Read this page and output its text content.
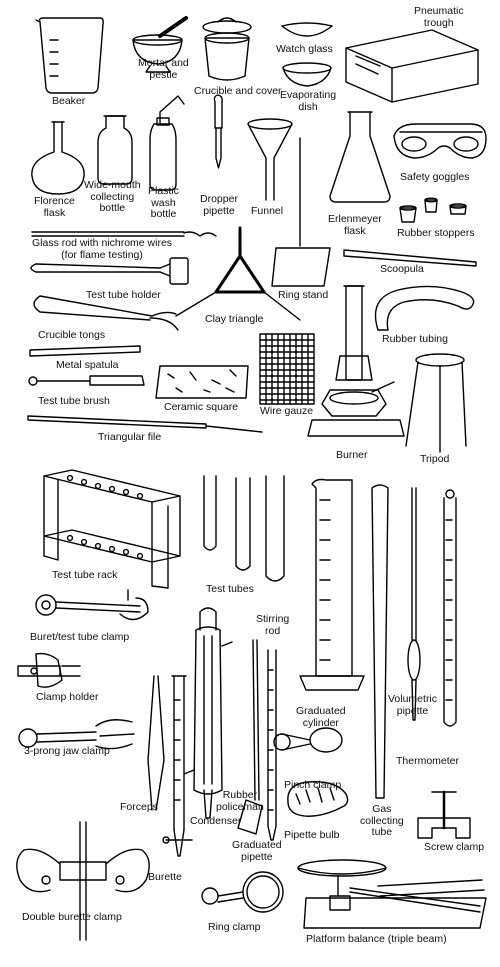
Beaker
Mortar and
pestle
Crucible and cover
Watch glass
Evaporating
dish
Pneumatic
trough
Florence
flask
Wide-mouth
collecting
bottle
Plastic
wash
bottle
Dropper
pipette	Funnel
Erlenmeyer
flask
Safety goggles
Rubber stoppers
Glass rod with nichrome wires
(for flame testing)
Test tube holder
Clay triangle
Ring stand
Scoopula
Crucible tongs	Rubber tubing
Metal spatula
Test tube brush	Ceramic square Wire gauze
Triangular file
Burner	Tripod
Test tube rack
Test tubes
Buret/test tube clamp
Stirring
rod
Graduated
cylinder
Volumetric
pipette
Clamp holder
3-prong jaw clamp
Pinch clamp
Thermometer
Forceps
Rubber
policeman
Condenser
Pipette bulb
Gas
collecting
tube
Screw clamp
Graduated
pipette
Burette
Double burette clamp
Ring clamp
Platform balance (triple beam)
